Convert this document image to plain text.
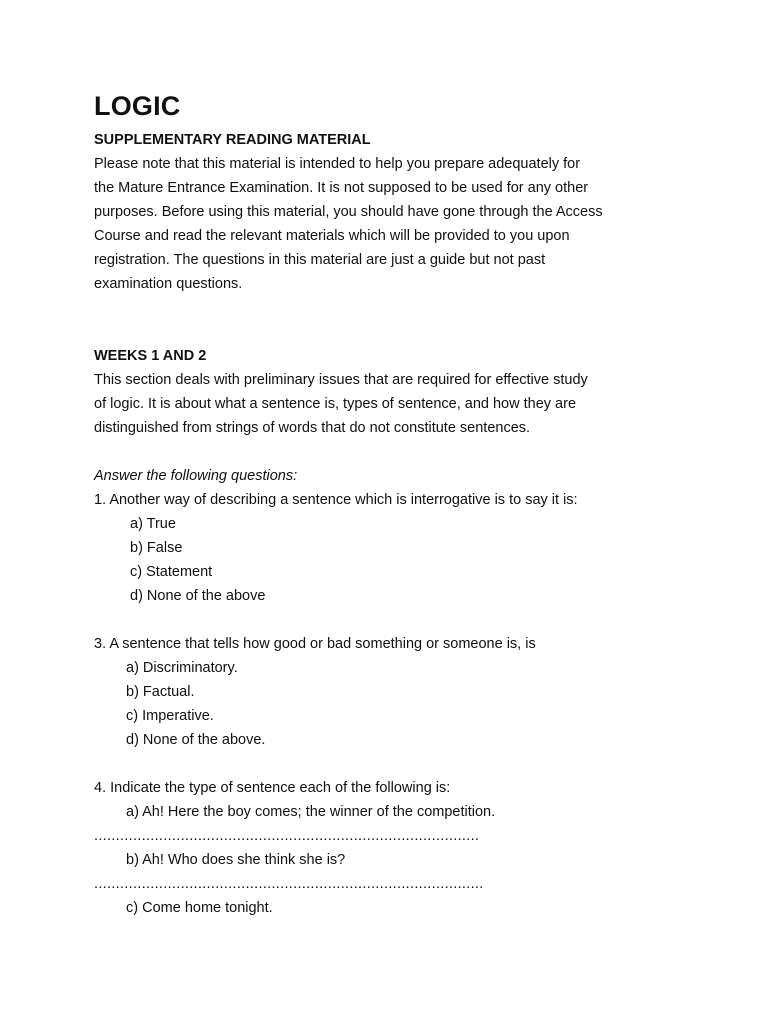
LOGIC

SUPPLEMENTARY READING MATERIAL

Please note that this material is intended to help you prepare adequately for
the Mature Entrance Examination. It is not supposed to be used for any other
purposes. Before using this material, you should have gone through the Access
Course and read the relevant materials which will be provided to you upon
registration. The questions in this material are just a guide but not past
examination questions.

WEEKS 1 AND 2

This section deals with preliminary issues that are required for effective study
of logic. It is about what a sentence is, types of sentence, and how they are
distinguished from strings of words that do not constitute sentences.

Answer the following questions:

1. Another way of describing a sentence which is interrogative is to say it is:

a) True

b) False

c) Statement

d) None of the above

3. A sentence that tells how good or bad something or someone is, is

a) Discriminatory.

b) Factual.

c) Imperative.

d) None of the above.

4. Indicate the type of sentence each of the following is:

a) Ah! Here the boy comes; the winner of the competition.

.........................................................................................

b) Ah! Who does she think she is?

..........................................................................................

c) Come home tonight.
